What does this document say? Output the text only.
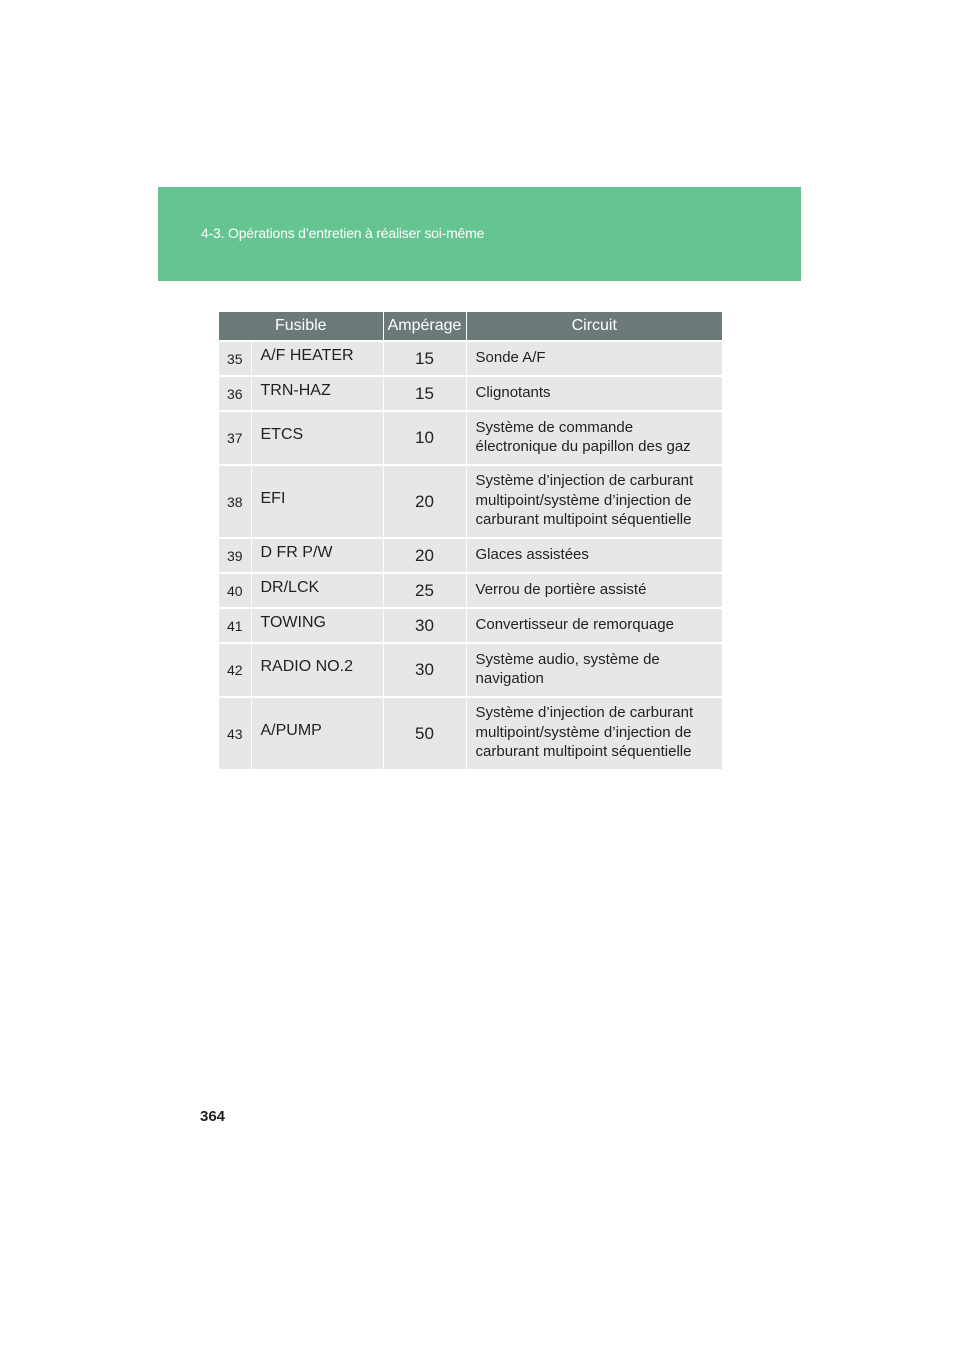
4-3. Opérations d’entretien à réaliser soi-même
Fusible		Ampérage	Circuit
35	A/F HEATER	15	Sonde A/F
36	TRN-HAZ	15	Clignotants
37	ETCS	10	Système de commande électronique du papillon des gaz
38	EFI	20	Système d’injection de carburant multipoint/système d’injection de carburant multipoint séquentielle
39	D FR P/W	20	Glaces assistées
40	DR/LCK	25	Verrou de portière assisté
41	TOWING	30	Convertisseur de remorquage
42	RADIO NO.2	30	Système audio, système de navigation
43	A/PUMP	50	Système d’injection de carburant multipoint/système d’injection de carburant multipoint séquentielle
364
